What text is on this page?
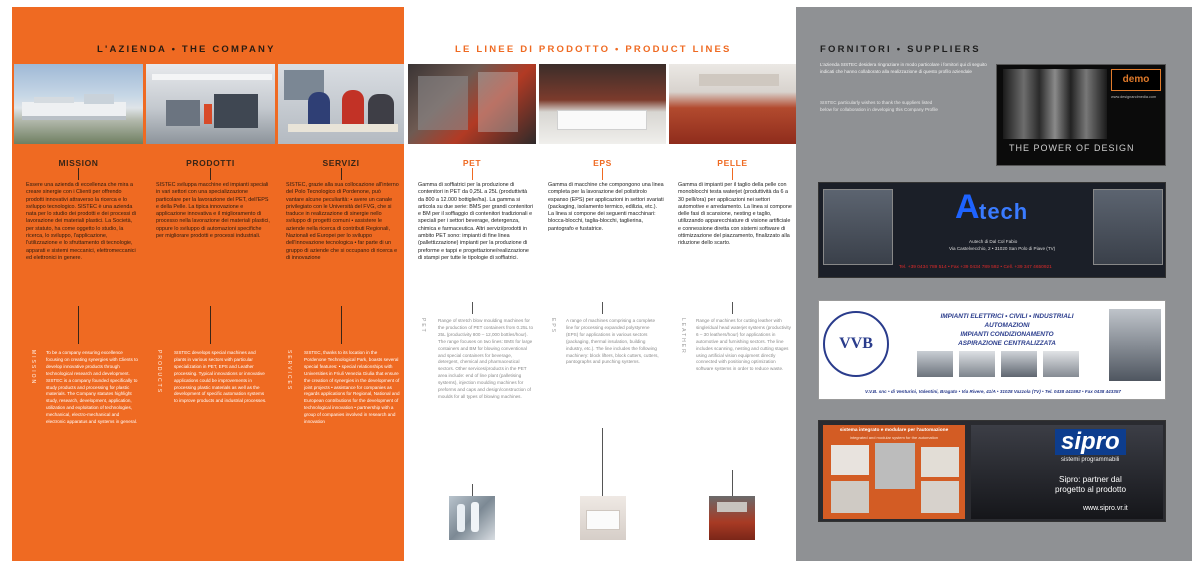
L'AZIENDA • THE COMPANY
MISSION	PRODOTTI	SERVIZI
Essere una azienda di eccellenza che mira a creare sinergie con i Clienti per offrendo prodotti innovativi attraverso la ricerca e lo sviluppo tecnologico. SISTEC è una azienda nata per lo studio dei prodotti e dei processi di lavorazione dei materiali plastici. La Società, per statuto, ha come oggetto lo studio, la ricerca, lo sviluppo, l'applicazione, l'utilizzazione e lo sfruttamento di tecnologie, apparati e sistemi meccanici, elettromeccanici ed elettronici in genere.
SISTEC sviluppa macchine ed impianti speciali in vari settori con una specializzazione particolare per la lavorazione del PET, dell'EPS e della Pelle. La tipica innovazione e applicazione innovativa e il miglioramento di processo nella lavorazione dei materiali plastici, oppure lo sviluppo di automazioni specifiche per migliorare prodotti e processi industriali.
SISTEC, grazie alla sua collocazione all'interno del Polo Tecnologico di Pordenone, può vantare alcune peculiarità: • avere un canale privilegiato con le Università del FVG, che si traduce in realizzazione di sinergie nello sviluppo di progetti comuni • assistere le aziende nella ricerca di contributi Regionali, Nazionali ed Europei per lo sviluppo dell'innovazione tecnologica • far parte di un gruppo di aziende che si occupano di ricerca e di innovazione
MISSION	PRODUCTS	SERVICES
To be a company ensuring excellence focusing on creating synergies with Clients to develop innovative products through technological research and development. SISTEC is a company founded specifically to study products and processing for plastic materials. The Company statutes highlight study, research, development, application, utilization and exploitation of technologies, mechanical, electro-mechanical and electronic apparatus and systems in general.
SISTEC develops special machines and plants in various sectors with particular specialization in PET, EPS and Leather processing. Typical innovations or innovative applications could be improvements in processing plastic materials as well as the development of specific automation systems to improve products and industrial processes.
SISTEC, thanks to its location in the Pordenone Technological Park, boasts several special features: • special relationships with Universities in Friuli Venezia Giulia that ensure the creation of synergies in the development of joint projects • assistance for companies as regards applications for Regional, National and European contributions for the development of technological innovation • partnership with a group of companies involved in research and innovation
LE LINEE DI PRODOTTO • PRODUCT LINES
PET	EPS	PELLE
Gamma di soffiatrici per la produzione di contenitori in PET da 0,25L a 25L (produttività da 800 a 12.000 bottiglie/ha). La gamma si articola su due serie: BMS per grandi contenitori e BM per il soffiaggio di contenitori tradizionali e speciali per i settori beverage, detergenza, chimica e farmaceutica. Altri servizi/prodotti in ambito PET sono: impianti di fine linea (pallettizzazione) impianti per la produzione di preforme e tappi e progettazione/realizzazione di stampi per tutte le tipologie di soffiatrici.
Gamma di macchine che compongono una linea completa per la lavorazione del polistirolo espanso (EPS) per applicazioni in settori svariati (packaging, isolamento termico, edilizia, etc.). La linea si compone dei seguenti macchinari: blocca-blocchi, taglia-blocchi, taglierina, pantografo e fustatrice.
Gamma di impianti per il taglio della pelle con monoblocchi testa waterjet (produttività da 6 a 30 pelli/ora) per applicazioni nei settori automotive e arredamento. La linea si compone delle fasi di scansione, nesting e taglio, utilizzando apparecchiature di visione artificiale e connessione diretta con sistemi software di ottimizzazione del piazzamento, finalizzato alla riduzione dello scarto.
PET	EPS	LEATHER
Range of stretch blow moulding machines for the production of PET containers from 0.25L to 25L (productivity 800 – 12,000 bottles/hour). The range focuses on two lines: BMS for large containers and BM for blowing conventional and special containers for beverage, detergent, chemical and pharmaceutical sectors. Other services/products in the PET area include: end of line plant (palletising systems), injection moulding machines for preforms and caps and design/construction of moulds for all types of blowing machines.
A range of machines comprising a complete line for processing expanded polystyrene (EPS) for applications in various sectors (packaging, thermal insulation, building industry, etc.). The line includes the following machinery: block lifters, block cutters, cutters, pantographs and punching systems.
Range of machines for cutting leather with single/dual head waterjet systems (productivity 6 – 30 leathers/hour) for applications in automotive and furnishing sectors. The line includes scanning, nesting and cutting stages using artificial vision equipment directly connected with positioning optimization software systems in order to reduce waste.
FORNITORI • SUPPLIERS
L'azienda SISTEC desidera ringraziare in modo particolare i fornitori qui di seguito indicati che hanno collaborato alla realizzazione di questo profilo aziendale
SISTEC particularly wishes to thank the suppliers listed below for collaboration in developing this Company Profile
demo
www.designandmedia.com
THE POWER OF DESIGN
A tech
Autech di Dal Col Fabio
Via Castelvecchio, 2 • 31020 San Polo di Piave (TV)
Tel. +39 0434 789 514 • Fax +39 0434 789 592 • Cell. +39 347 4650921
VVB
IMPIANTI ELETTRICI • CIVILI • INDUSTRIALI
AUTOMAZIONI
IMPIANTI CONDIZIONAMENTO
ASPIRAZIONE CENTRALIZZATA
V.V.B. snc • di Venturini, Valentini, Bragato • Via Rivere, 41/A • 31028 Vazzola (TV) • Tel. 0438 441592 • Fax 0438 443357
sistema integrato e modulare per l'automazione
integrated and modular system for the automation	sipro
sistemi programmabili
Sipro: partner dal
progetto al prodotto
www.sipro.vr.it
